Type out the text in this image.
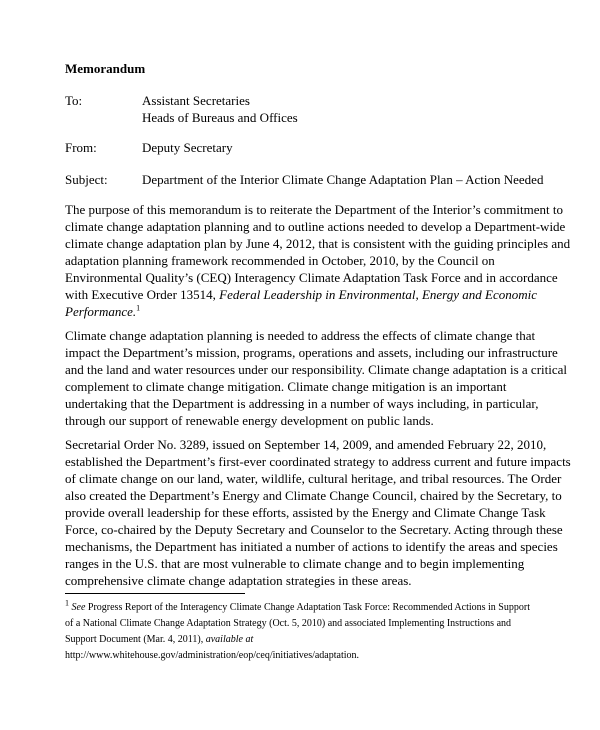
Memorandum
To:	Assistant Secretaries
Heads of Bureaus and Offices
From:	Deputy Secretary
Subject:	Department of the Interior Climate Change Adaptation Plan – Action Needed

The purpose of this memorandum is to reiterate the Department of the Interior’s commitment to
climate change adaptation planning and to outline actions needed to develop a Department-wide
climate change adaptation plan by June 4, 2012, that is consistent with the guiding principles and
adaptation planning framework recommended in October, 2010, by the Council on
Environmental Quality’s (CEQ) Interagency Climate Adaptation Task Force and in accordance
with Executive Order 13514, Federal Leadership in Environmental, Energy and Economic
Performance.$^1$

Climate change adaptation planning is needed to address the effects of climate change that
impact the Department’s mission, programs, operations and assets, including our infrastructure
and the land and water resources under our responsibility. Climate change adaptation is a critical
complement to climate change mitigation. Climate change mitigation is an important
undertaking that the Department is addressing in a number of ways including, in particular,
through our support of renewable energy development on public lands.

Secretarial Order No. 3289, issued on September 14, 2009, and amended February 22, 2010,
established the Department’s first-ever coordinated strategy to address current and future impacts
of climate change on our land, water, wildlife, cultural heritage, and tribal resources. The Order
also created the Department’s Energy and Climate Change Council, chaired by the Secretary, to
provide overall leadership for these efforts, assisted by the Energy and Climate Change Task
Force, co-chaired by the Deputy Secretary and Counselor to the Secretary. Acting through these
mechanisms, the Department has initiated a number of actions to identify the areas and species
ranges in the U.S. that are most vulnerable to climate change and to begin implementing
comprehensive climate change adaptation strategies in these areas.

$^1$ See Progress Report of the Interagency Climate Change Adaptation Task Force: Recommended Actions in Support
of a National Climate Change Adaptation Strategy (Oct. 5, 2010) and associated Implementing Instructions and
Support Document (Mar. 4, 2011), available at
http://www.whitehouse.gov/administration/eop/ceq/initiatives/adaptation.
